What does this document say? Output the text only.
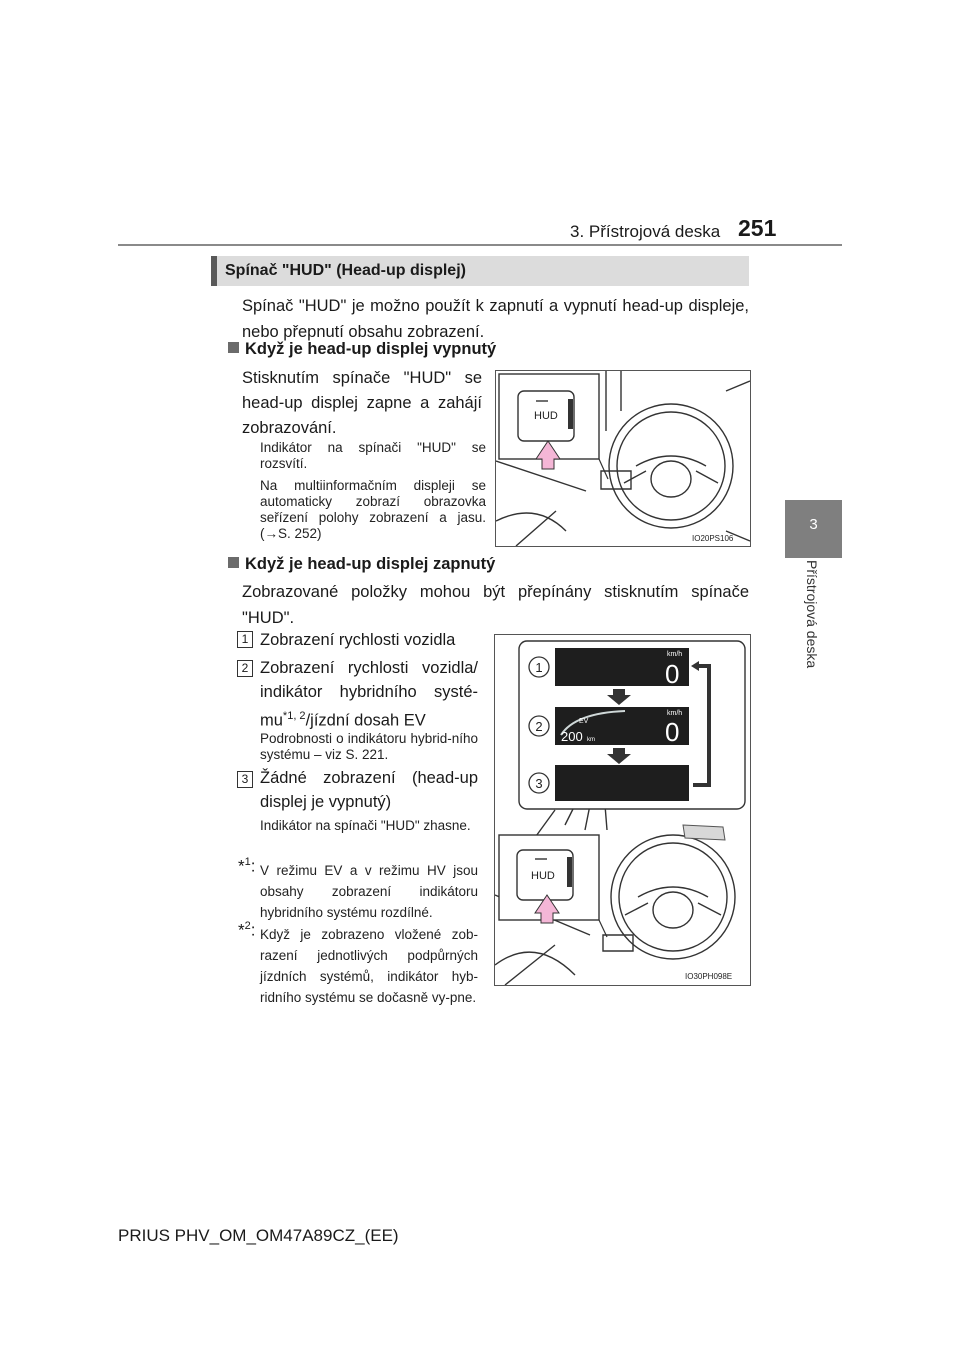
3. Přístrojová deska 251
3
Přístrojová deska
Spínač "HUD" (Head-up displej)

Spínač "HUD" je možno použít k zapnutí a vypnutí head-up displeje, nebo přepnutí obsahu zobrazení.

Když je head-up displej vypnutý

Stisknutím spínače "HUD" se head-up displej zapne a zahájí zobrazování.

Indikátor na spínači "HUD" se rozsvítí.

Na multiinformačním displeji se automaticky zobrazí obrazovka seřízení polohy zobrazení a jasu. (→S. 252)

HUD
IO20PS106
Když je head-up displej zapnutý

Zobrazované položky mohou být přepínány stisknutím spínače "HUD".

1 Zobrazení rychlosti vozidla

2 Zobrazení rychlosti vozidla/ indikátor hybridního systé-mu$^{*1, 2}$/jízdní dosah EV

Podrobnosti o indikátoru hybrid-ního systému – viz S. 221.

3 Žádné zobrazení (head-up displej je vypnutý)

Indikátor na spínači "HUD" zhasne.

*$^1$: V režimu EV a v režimu HV jsou obsahy zobrazení indikátoru hybridního systému rozdílné.

*$^2$: Když je zobrazeno vložené zob-razení jednotlivých podpůrných jízdních systémů, indikátor hyb-ridního systému se dočasně vy-pne.

km/h
0
EV
200 km
km/h
0
1
2
3
HUD
IO30PH098E
PRIUS PHV_OM_OM47A89CZ_(EE)
